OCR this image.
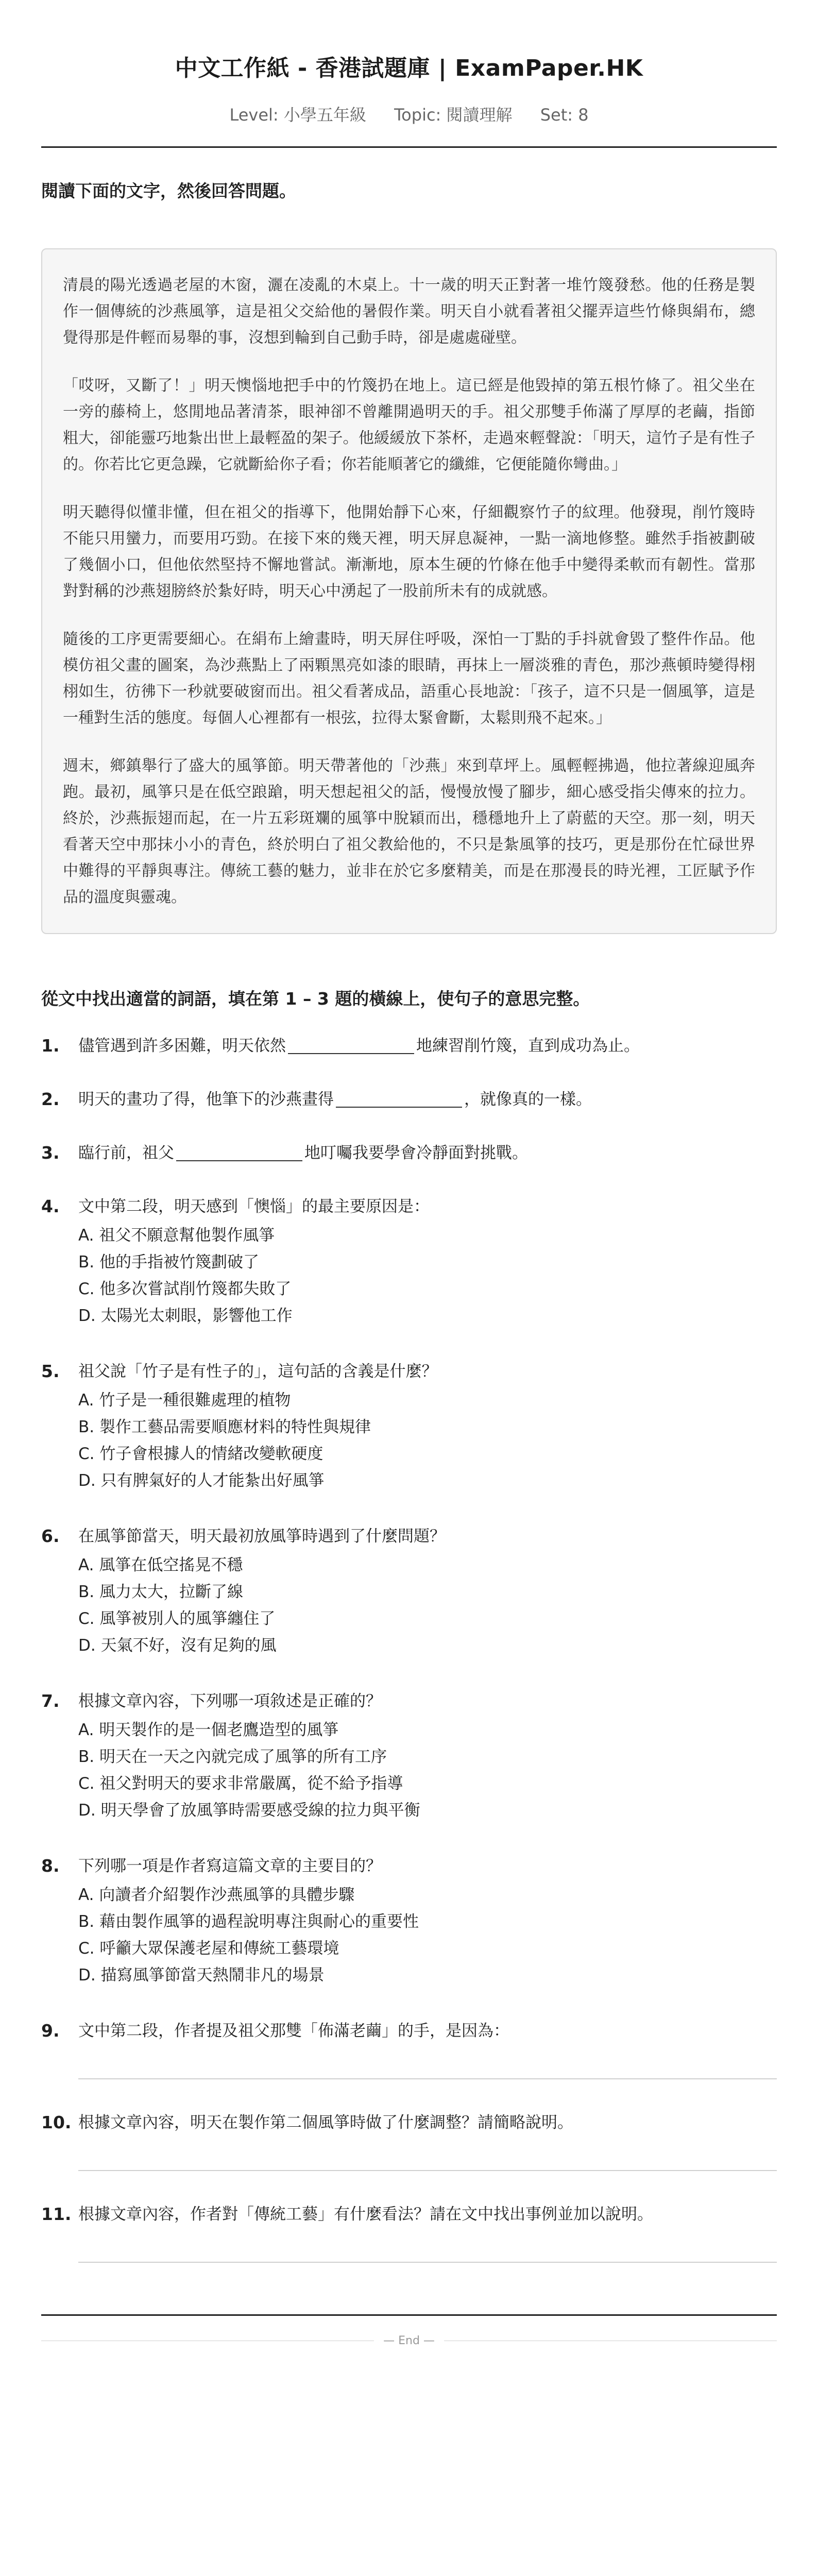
中文工作紙 - 香港試題庫 | ExamPaper.HK
Level: 小學五年級 Topic: 閱讀理解 Set: 8

閱讀下面的文字，然後回答問題。

清晨的陽光透過老屋的木窗，灑在凌亂的木桌上。十一歲的明天正對著一堆竹篾發愁。他的任務是製作一個傳統的沙燕風箏，這是祖父交給他的暑假作業。明天自小就看著祖父擺弄這些竹條與絹布，總覺得那是件輕而易舉的事，沒想到輪到自己動手時，卻是處處碰壁。

「哎呀，又斷了！」明天懊惱地把手中的竹篾扔在地上。這已經是他毀掉的第五根竹條了。祖父坐在一旁的藤椅上，悠閒地品著清茶，眼神卻不曾離開過明天的手。祖父那雙手佈滿了厚厚的老繭，指節粗大，卻能靈巧地紮出世上最輕盈的架子。他緩緩放下茶杯，走過來輕聲說：「明天，這竹子是有性子的。你若比它更急躁，它就斷給你子看；你若能順著它的纖維，它便能隨你彎曲。」

明天聽得似懂非懂，但在祖父的指導下，他開始靜下心來，仔細觀察竹子的紋理。他發現，削竹篾時不能只用蠻力，而要用巧勁。在接下來的幾天裡，明天屏息凝神，一點一滴地修整。雖然手指被劃破了幾個小口，但他依然堅持不懈地嘗試。漸漸地，原本生硬的竹條在他手中變得柔軟而有韌性。當那對對稱的沙燕翅膀終於紮好時，明天心中湧起了一股前所未有的成就感。

隨後的工序更需要細心。在絹布上繪畫時，明天屏住呼吸，深怕一丁點的手抖就會毀了整件作品。他模仿祖父畫的圖案，為沙燕點上了兩顆黑亮如漆的眼睛，再抹上一層淡雅的青色，那沙燕頓時變得栩栩如生，彷彿下一秒就要破窗而出。祖父看著成品，語重心長地說：「孩子，這不只是一個風箏，這是一種對生活的態度。每個人心裡都有一根弦，拉得太緊會斷，太鬆則飛不起來。」

週末，鄉鎮舉行了盛大的風箏節。明天帶著他的「沙燕」來到草坪上。風輕輕拂過，他拉著線迎風奔跑。最初，風箏只是在低空踉蹌，明天想起祖父的話，慢慢放慢了腳步，細心感受指尖傳來的拉力。終於，沙燕振翅而起，在一片五彩斑斕的風箏中脫穎而出，穩穩地升上了蔚藍的天空。那一刻，明天看著天空中那抹小小的青色，終於明白了祖父教給他的，不只是紮風箏的技巧，更是那份在忙碌世界中難得的平靜與專注。傳統工藝的魅力，並非在於它多麼精美，而是在那漫長的時光裡，工匠賦予作品的溫度與靈魂。

從文中找出適當的詞語，填在第 1 – 3 題的橫線上，使句子的意思完整。

1.	儘管遇到許多困難，明天依然	地練習削竹篾，直到成功為止。
2.	明天的畫功了得，他筆下的沙燕畫得	，就像真的一樣。
3.	臨行前，祖父	地叮囑我要學會冷靜面對挑戰。
4.	文中第二段，明天感到「懊惱」的最主要原因是：
A. 祖父不願意幫他製作風箏
B. 他的手指被竹篾劃破了
C. 他多次嘗試削竹篾都失敗了
D. 太陽光太刺眼，影響他工作
5.	祖父說「竹子是有性子的」，這句話的含義是什麼？
A. 竹子是一種很難處理的植物
B. 製作工藝品需要順應材料的特性與規律
C. 竹子會根據人的情緒改變軟硬度
D. 只有脾氣好的人才能紮出好風箏
6.	在風箏節當天，明天最初放風箏時遇到了什麼問題？
A. 風箏在低空搖晃不穩
B. 風力太大，拉斷了線
C. 風箏被別人的風箏纏住了
D. 天氣不好，沒有足夠的風
7.	根據文章內容，下列哪一項敘述是正確的？
A. 明天製作的是一個老鷹造型的風箏
B. 明天在一天之內就完成了風箏的所有工序
C. 祖父對明天的要求非常嚴厲，從不給予指導
D. 明天學會了放風箏時需要感受線的拉力與平衡
8.	下列哪一項是作者寫這篇文章的主要目的？
A. 向讀者介紹製作沙燕風箏的具體步驟
B. 藉由製作風箏的過程說明專注與耐心的重要性
C. 呼籲大眾保護老屋和傳統工藝環境
D. 描寫風箏節當天熱鬧非凡的場景
9.	文中第二段，作者提及祖父那雙「佈滿老繭」的手，是因為：
10. 根據文章內容，明天在製作第二個風箏時做了什麼調整？請簡略說明。
11. 根據文章內容，作者對「傳統工藝」有什麼看法？請在文中找出事例並加以說明。
— End —
